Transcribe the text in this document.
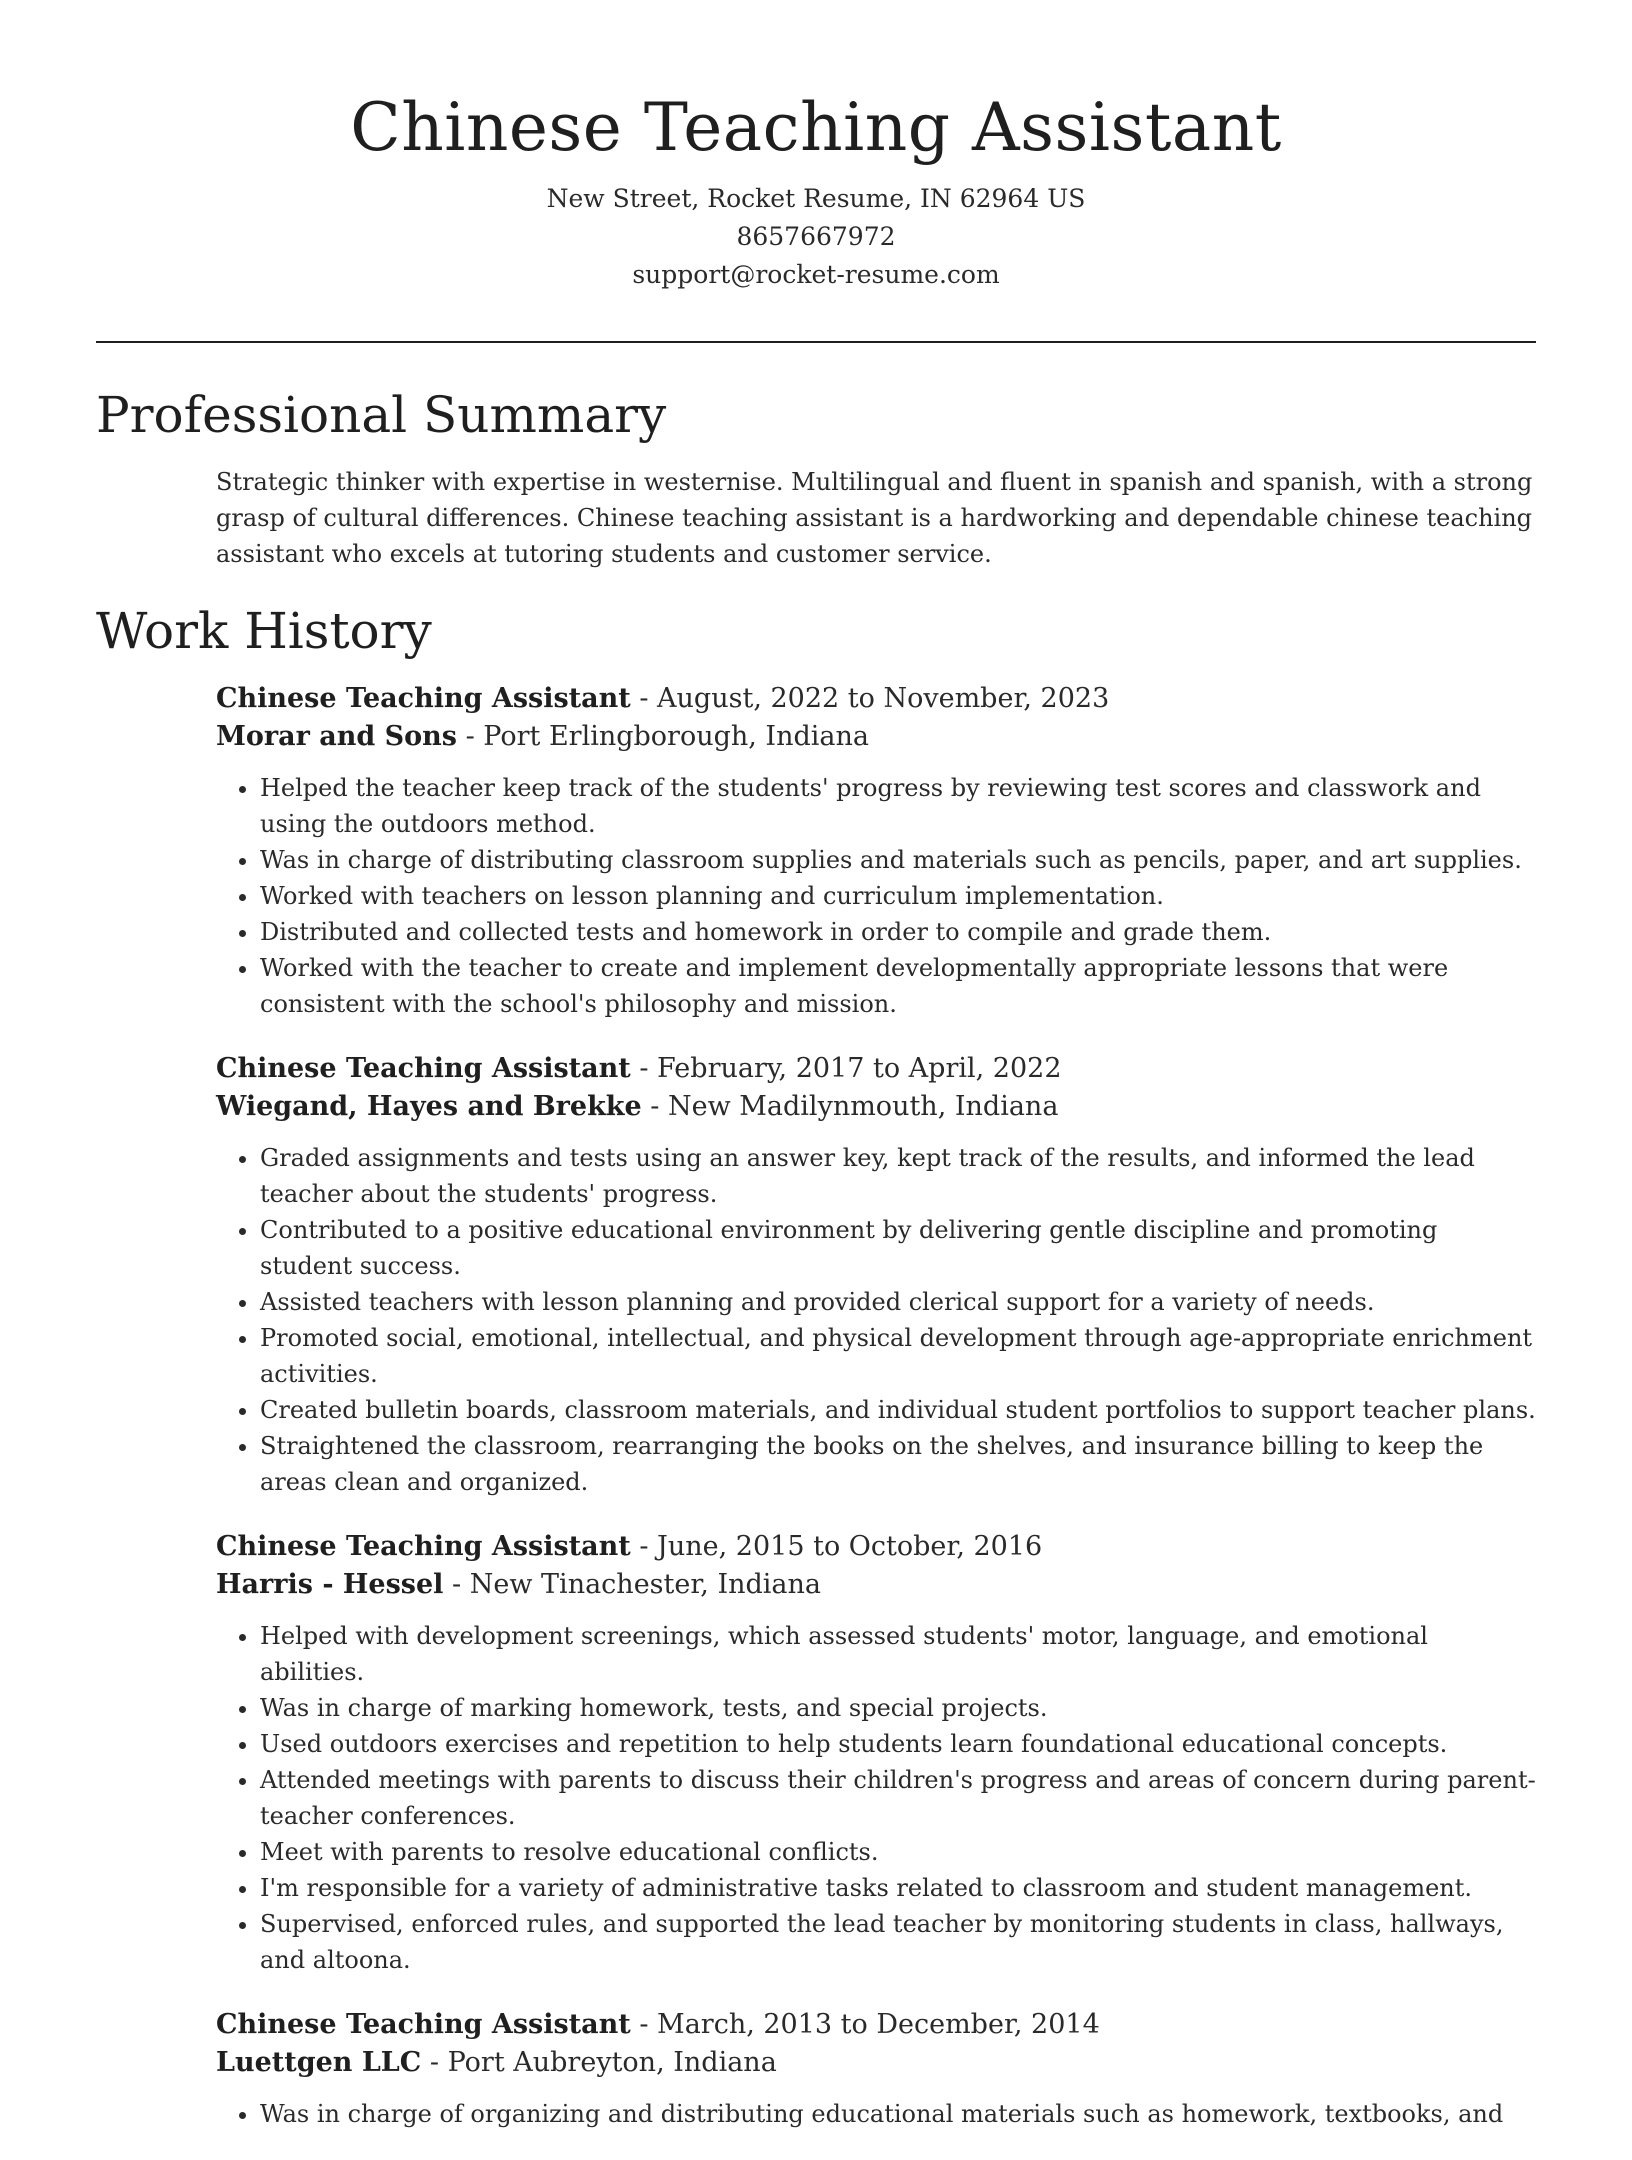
Chinese Teaching Assistant
New Street, Rocket Resume, IN 62964 US
8657667972
support@rocket-resume.com
Professional Summary
Strategic thinker with expertise in westernise. Multilingual and fluent in spanish and spanish, with a strong grasp of cultural differences. Chinese teaching assistant is a hardworking and dependable chinese teaching assistant who excels at tutoring students and customer service.
Work History
Chinese Teaching Assistant - August, 2022 to November, 2023
Morar and Sons - Port Erlingborough, Indiana
• Helped the teacher keep track of the students' progress by reviewing test scores and classwork and using the outdoors method.
• Was in charge of distributing classroom supplies and materials such as pencils, paper, and art supplies.
• Worked with teachers on lesson planning and curriculum implementation.
• Distributed and collected tests and homework in order to compile and grade them.
• Worked with the teacher to create and implement developmentally appropriate lessons that were consistent with the school's philosophy and mission.
Chinese Teaching Assistant - February, 2017 to April, 2022
Wiegand, Hayes and Brekke - New Madilynmouth, Indiana
• Graded assignments and tests using an answer key, kept track of the results, and informed the lead teacher about the students' progress.
• Contributed to a positive educational environment by delivering gentle discipline and promoting student success.
• Assisted teachers with lesson planning and provided clerical support for a variety of needs.
• Promoted social, emotional, intellectual, and physical development through age-appropriate enrichment activities.
• Created bulletin boards, classroom materials, and individual student portfolios to support teacher plans.
• Straightened the classroom, rearranging the books on the shelves, and insurance billing to keep the areas clean and organized.
Chinese Teaching Assistant - June, 2015 to October, 2016
Harris - Hessel - New Tinachester, Indiana
• Helped with development screenings, which assessed students' motor, language, and emotional abilities.
• Was in charge of marking homework, tests, and special projects.
• Used outdoors exercises and repetition to help students learn foundational educational concepts.
• Attended meetings with parents to discuss their children's progress and areas of concern during parent-teacher conferences.
• Meet with parents to resolve educational conflicts.
• I'm responsible for a variety of administrative tasks related to classroom and student management.
• Supervised, enforced rules, and supported the lead teacher by monitoring students in class, hallways, and altoona.
Chinese Teaching Assistant - March, 2013 to December, 2014
Luettgen LLC - Port Aubreyton, Indiana
• Was in charge of organizing and distributing educational materials such as homework, textbooks, and
